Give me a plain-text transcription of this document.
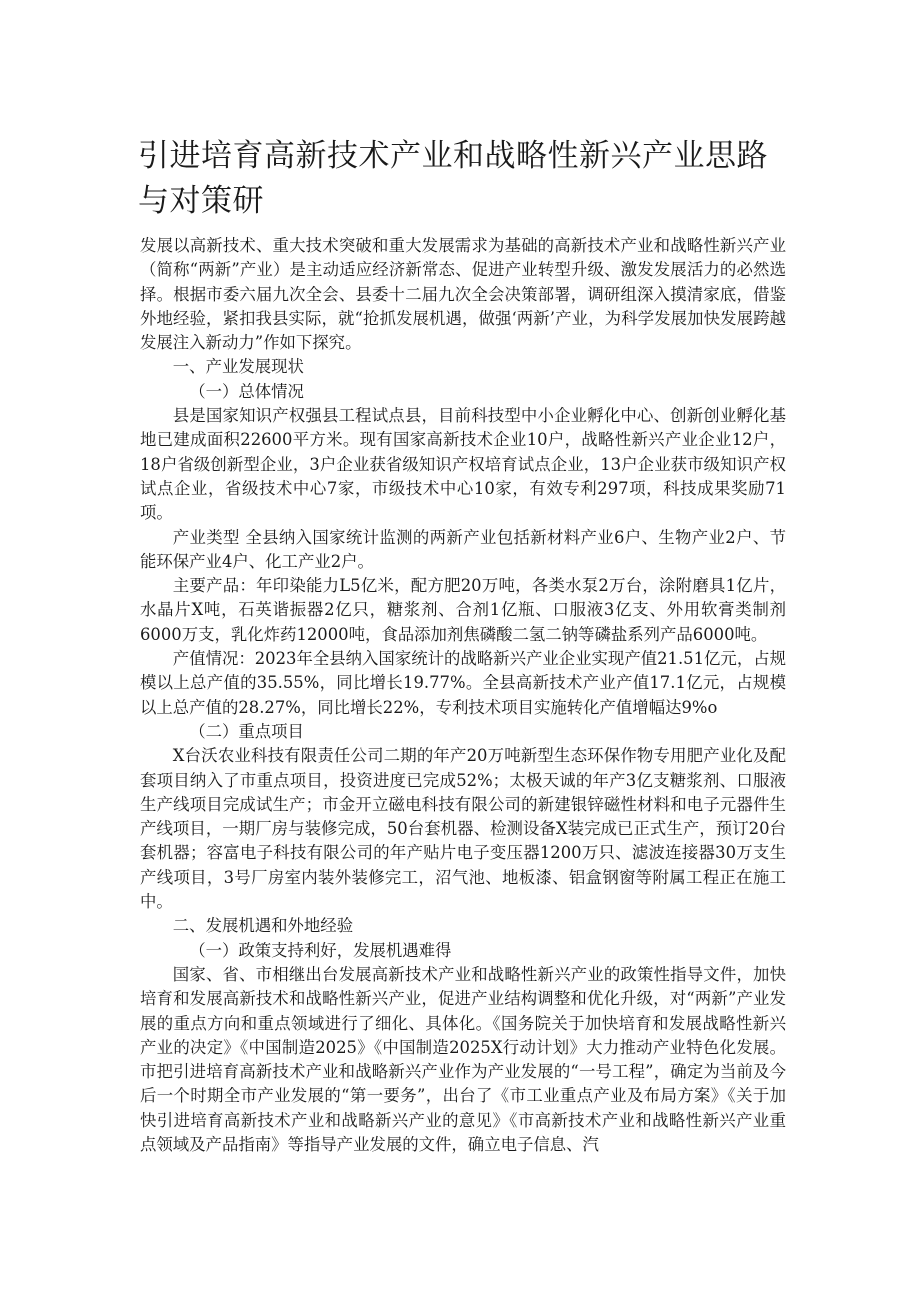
引进培育高新技术产业和战略性新兴产业思路与对策研

发展以高新技术、重大技术突破和重大发展需求为基础的高新技术产业和战略性新兴产业（简称“两新”产业）是主动适应经济新常态、促进产业转型升级、激发发展活力的必然选择。根据市委六届九次全会、县委十二届九次全会决策部署，调研组深入摸清家底，借鉴外地经验，紧扣我县实际，就“抢抓发展机遇，做强‘两新’产业，为科学发展加快发展跨越发展注入新动力”作如下探究。

一、产业发展现状

（一）总体情况

县是国家知识产权强县工程试点县，目前科技型中小企业孵化中心、创新创业孵化基地已建成面积22600平方米。现有国家高新技术企业10户，战略性新兴产业企业12户，18户省级创新型企业，3户企业获省级知识产权培育试点企业，13户企业获市级知识产权试点企业，省级技术中心7家，市级技术中心10家，有效专利297项，科技成果奖励71项。

产业类型 全县纳入国家统计监测的两新产业包括新材料产业6户、生物产业2户、节能环保产业4户、化工产业2户。

主要产品：年印染能力L5亿米，配方肥20万吨，各类水泵2万台，涂附磨具1亿片，水晶片X吨，石英谐振器2亿只，糖浆剂、合剂1亿瓶、口服液3亿支、外用软膏类制剂6000万支，乳化炸药12000吨，食品添加剂焦磷酸二氢二钠等磷盐系列产品6000吨。

产值情况：2023年全县纳入国家统计的战略新兴产业企业实现产值21.51亿元，占规模以上总产值的35.55%，同比增长19.77%。全县高新技术产业产值17.1亿元，占规模以上总产值的28.27%，同比增长22%，专利技术项目实施转化产值增幅达9%o

（二）重点项目

X台沃农业科技有限责任公司二期的年产20万吨新型生态环保作物专用肥产业化及配套项目纳入了市重点项目，投资进度已完成52%；太极天诚的年产3亿支糖浆剂、口服液生产线项目完成试生产；市金开立磁电科技有限公司的新建银锌磁性材料和电子元器件生产线项目，一期厂房与装修完成，50台套机器、检测设备X装完成已正式生产，预订20台套机器；容富电子科技有限公司的年产贴片电子变压器1200万只、滤波连接器30万支生产线项目，3号厂房室内装外装修完工，沼气池、地板漆、铝盒钢窗等附属工程正在施工中。

二、发展机遇和外地经验

（一）政策支持利好，发展机遇难得

国家、省、市相继出台发展高新技术产业和战略性新兴产业的政策性指导文件，加快培育和发展高新技术和战略性新兴产业，促进产业结构调整和优化升级，对“两新”产业发展的重点方向和重点领域进行了细化、具体化。《国务院关于加快培育和发展战略性新兴产业的决定》《中国制造2025》《中国制造2025X行动计划》大力推动产业特色化发展。市把引进培育高新技术产业和战略新兴产业作为产业发展的“一号工程”，确定为当前及今后一个时期全市产业发展的“第一要务”，出台了《市工业重点产业及布局方案》《关于加快引进培育高新技术产业和战略新兴产业的意见》《市高新技术产业和战略性新兴产业重点领域及产品指南》等指导产业发展的文件，确立电子信息、汽
